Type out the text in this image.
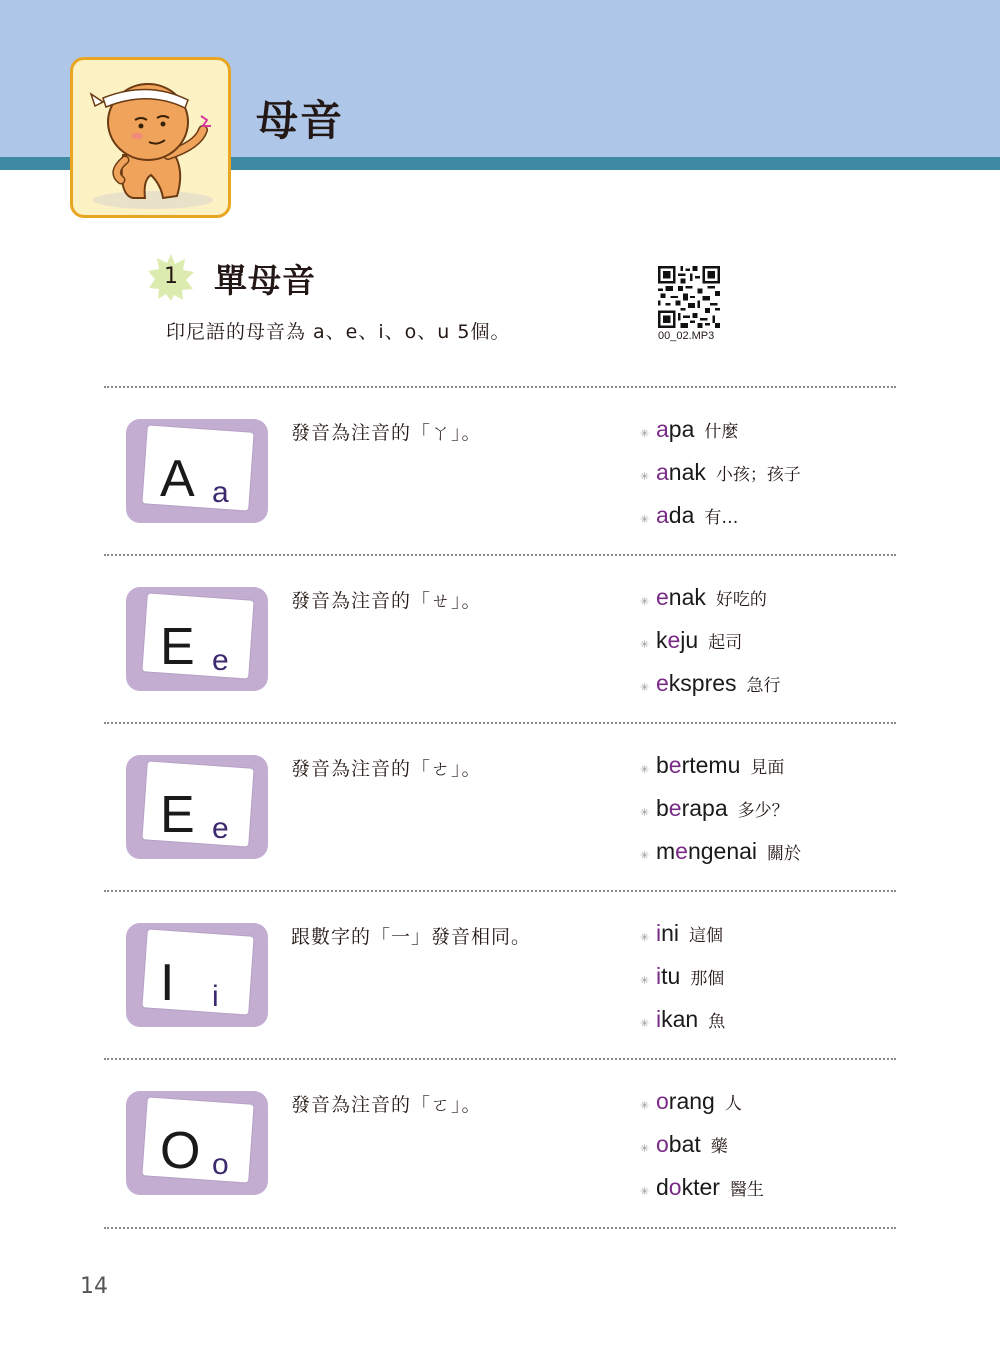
母音
1	單母音
印尼語的母音為 a、e、i、o、u 5個。	00_02.MP3
A a
發音為注音的「ㄚ」。	✳ apa 什麼
✳ anak 小孩；孩子
✳ ada 有…
E e
發音為注音的「ㄝ」。	✳ enak 好吃的
✳ keju 起司
✳ ekspres 急行
E e
發音為注音的「ㄜ」。	✳ bertemu 見面
✳ berapa 多少？
✳ mengenai 關於
I i
跟數字的「一」發音相同。	✳ ini 這個
✳ itu 那個
✳ ikan 魚
O o
發音為注音的「ㄛ」。	✳ orang 人
✳ obat 藥
✳ dokter 醫生
14
